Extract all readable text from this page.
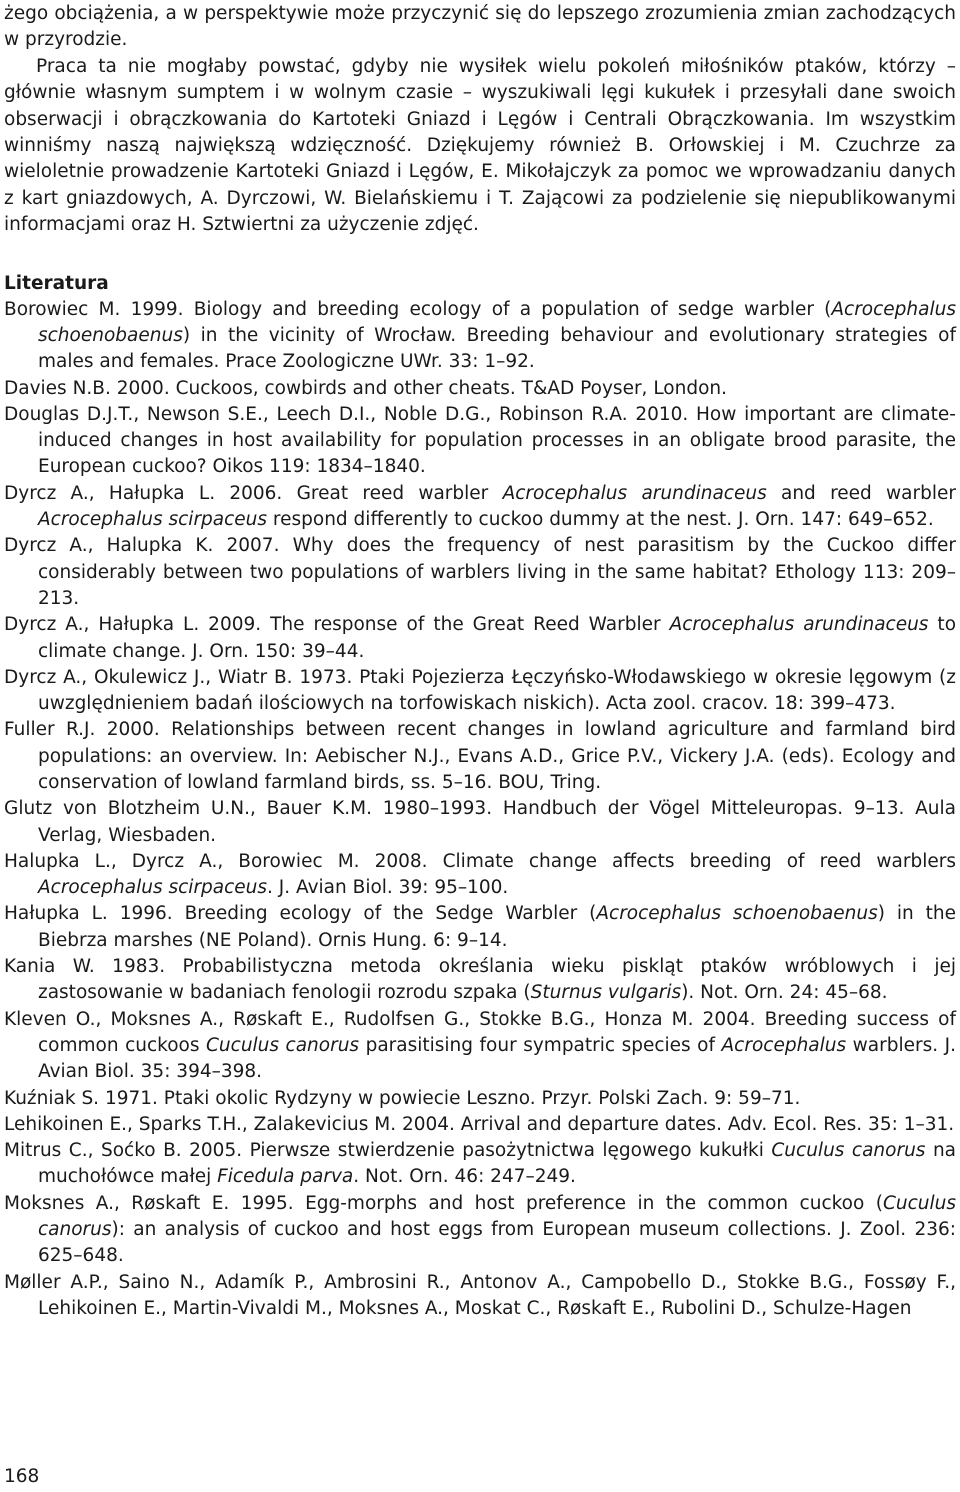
żego obciążenia, a w perspektywie może przyczynić się do lepszego zrozumienia zmian zachodzących w przyrodzie.

Praca ta nie mogłaby powstać, gdyby nie wysiłek wielu pokoleń miłośników ptaków, którzy – głównie własnym sumptem i w wolnym czasie – wyszukiwali lęgi kukułek i przesyłali dane swoich obserwacji i obrączkowania do Kartoteki Gniazd i Lęgów i Centrali Obrączkowania. Im wszystkim winniśmy naszą największą wdzięczność. Dziękujemy również B. Orłowskiej i M. Czuchrze za wieloletnie prowadzenie Kartoteki Gniazd i Lęgów, E. Mikołajczyk za pomoc we wprowadzaniu danych z kart gniazdowych, A. Dyrczowi, W. Bielańskiemu i T. Zającowi za podzielenie się niepublikowanymi informacjami oraz H. Sztwiertni za użyczenie zdjęć.

Literatura

Borowiec M. 1999. Biology and breeding ecology of a population of sedge warbler (Acrocephalus schoenobaenus) in the vicinity of Wrocław. Breeding behaviour and evolutionary strategies of males and females. Prace Zoologiczne UWr. 33: 1–92.

Davies N.B. 2000. Cuckoos, cowbirds and other cheats. T&AD Poyser, London.

Douglas D.J.T., Newson S.E., Leech D.I., Noble D.G., Robinson R.A. 2010. How important are climate-induced changes in host availability for population processes in an obligate brood parasite, the European cuckoo? Oikos 119: 1834–1840.

Dyrcz A., Hałupka L. 2006. Great reed warbler Acrocephalus arundinaceus and reed warbler Acrocephalus scirpaceus respond differently to cuckoo dummy at the nest. J. Orn. 147: 649–652.

Dyrcz A., Halupka K. 2007. Why does the frequency of nest parasitism by the Cuckoo differ considerably between two populations of warblers living in the same habitat? Ethology 113: 209–213.

Dyrcz A., Hałupka L. 2009. The response of the Great Reed Warbler Acrocephalus arundinaceus to climate change. J. Orn. 150: 39–44.

Dyrcz A., Okulewicz J., Wiatr B. 1973. Ptaki Pojezierza Łęczyńsko-Włodawskiego w okresie lęgowym (z uwzględnieniem badań ilościowych na torfowiskach niskich). Acta zool. cracov. 18: 399–473.

Fuller R.J. 2000. Relationships between recent changes in lowland agriculture and farmland bird populations: an overview. In: Aebischer N.J., Evans A.D., Grice P.V., Vickery J.A. (eds). Ecology and conservation of lowland farmland birds, ss. 5–16. BOU, Tring.

Glutz von Blotzheim U.N., Bauer K.M. 1980–1993. Handbuch der Vögel Mitteleuropas. 9–13. Aula Verlag, Wiesbaden.

Halupka L., Dyrcz A., Borowiec M. 2008. Climate change affects breeding of reed warblers Acrocephalus scirpaceus. J. Avian Biol. 39: 95–100.

Hałupka L. 1996. Breeding ecology of the Sedge Warbler (Acrocephalus schoenobaenus) in the Biebrza marshes (NE Poland). Ornis Hung. 6: 9–14.

Kania W. 1983. Probabilistyczna metoda określania wieku piskląt ptaków wróblowych i jej zastosowanie w badaniach fenologii rozrodu szpaka (Sturnus vulgaris). Not. Orn. 24: 45–68.

Kleven O., Moksnes A., Røskaft E., Rudolfsen G., Stokke B.G., Honza M. 2004. Breeding success of common cuckoos Cuculus canorus parasitising four sympatric species of Acrocephalus warblers. J. Avian Biol. 35: 394–398.

Kuźniak S. 1971. Ptaki okolic Rydzyny w powiecie Leszno. Przyr. Polski Zach. 9: 59–71.

Lehikoinen E., Sparks T.H., Zalakevicius M. 2004. Arrival and departure dates. Adv. Ecol. Res. 35: 1–31.

Mitrus C., Soćko B. 2005. Pierwsze stwierdzenie pasożytnictwa lęgowego kukułki Cuculus canorus na muchołówce małej Ficedula parva. Not. Orn. 46: 247–249.

Moksnes A., Røskaft E. 1995. Egg-morphs and host preference in the common cuckoo (Cuculus canorus): an analysis of cuckoo and host eggs from European museum collections. J. Zool. 236: 625–648.

Møller A.P., Saino N., Adamík P., Ambrosini R., Antonov A., Campobello D., Stokke B.G., Fossøy F., Lehikoinen E., Martin-Vivaldi M., Moksnes A., Moskat C., Røskaft E., Rubolini D., Schulze-Hagen

168
